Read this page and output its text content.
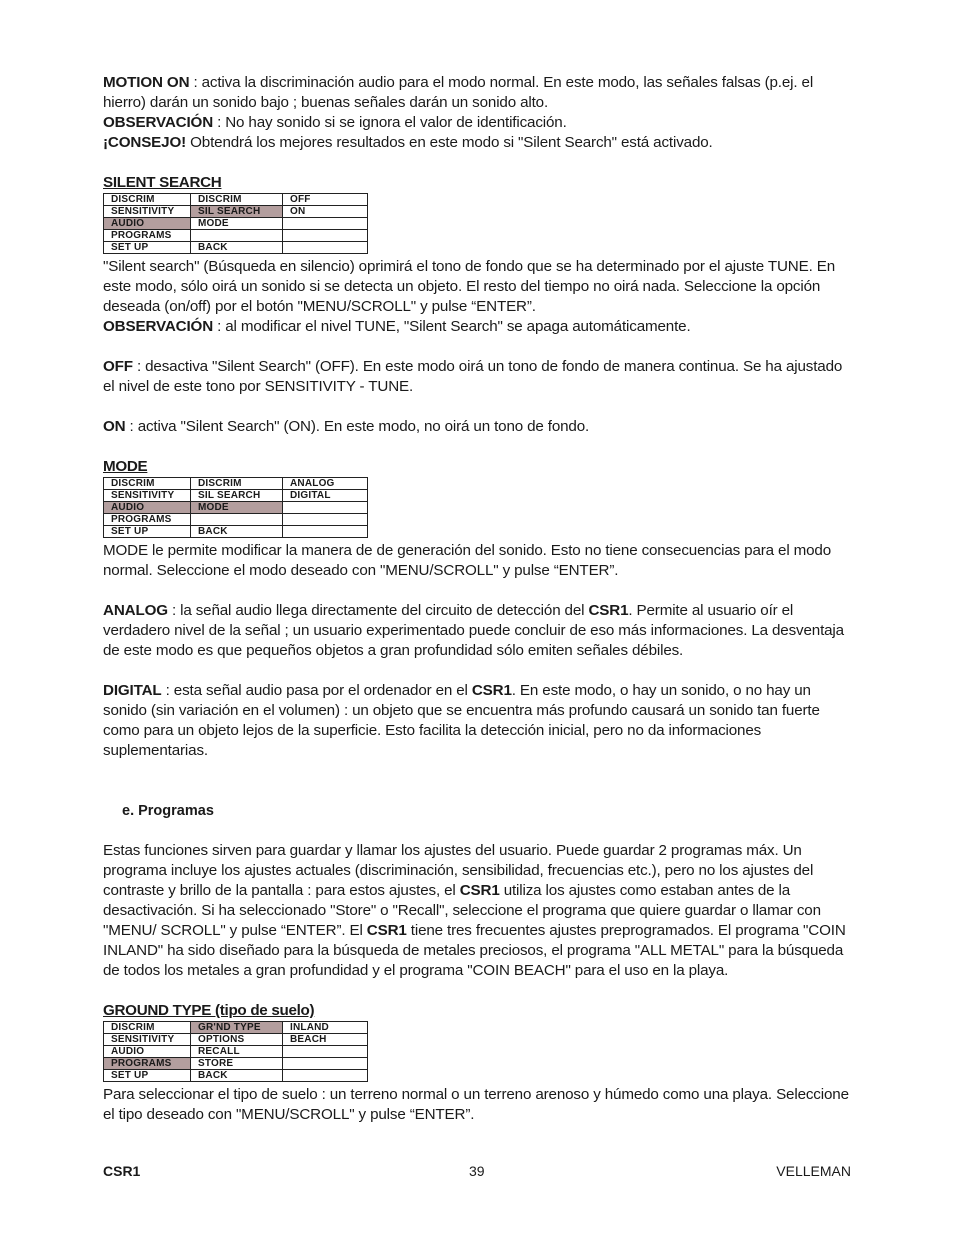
MOTION ON : activa la discriminación audio para el modo normal. En este modo, las señales falsas (p.ej. el hierro) darán un sonido bajo ; buenas señales darán un sonido alto.

OBSERVACIÓN : No hay sonido si se ignora el valor de identificación.

¡CONSEJO! Obtendrá los mejores resultados en este modo si "Silent Search" está activado.

SILENT SEARCH
DISCRIM	DISCRIM	OFF
SENSITIVITY	SIL SEARCH	ON
AUDIO	MODE	
PROGRAMS		
SET UP	BACK	

"Silent search" (Búsqueda en silencio) oprimirá el tono de fondo que se ha determinado por el ajuste TUNE. En este modo, sólo oirá un sonido si se detecta un objeto. El resto del tiempo no oirá nada. Seleccione la opción deseada (on/off) por el botón "MENU/SCROLL" y pulse “ENTER”.

OBSERVACIÓN : al modificar el nivel TUNE, "Silent Search" se apaga automáticamente.

OFF : desactiva "Silent Search" (OFF). En este modo oirá un tono de fondo de manera continua. Se ha ajustado el nivel de este tono por SENSITIVITY - TUNE.

ON : activa "Silent Search" (ON). En este modo, no oirá un tono de fondo.

MODE
DISCRIM	DISCRIM	ANALOG
SENSITIVITY	SIL SEARCH	DIGITAL
AUDIO	MODE	
PROGRAMS		
SET UP	BACK	

MODE le permite modificar la manera de de generación del sonido. Esto no tiene consecuencias para el modo normal. Seleccione el modo deseado con "MENU/SCROLL" y pulse “ENTER”.

ANALOG : la señal audio llega directamente del circuito de detección del CSR1. Permite al usuario oír el verdadero nivel de la señal ; un usuario experimentado puede concluir de eso más informaciones. La desventaja de este modo es que pequeños objetos a gran profundidad sólo emiten señales débiles.

DIGITAL : esta señal audio pasa por el ordenador en el CSR1. En este modo, o hay un sonido, o no hay un sonido (sin variación en el volumen) : un objeto que se encuentra más profundo causará un sonido tan fuerte como para un objeto lejos de la superficie. Esto facilita la detección inicial, pero no da informaciones suplementarias.

e. Programas

Estas funciones sirven para guardar y llamar los ajustes del usuario. Puede guardar 2 programas máx. Un programa incluye los ajustes actuales (discriminación, sensibilidad, frecuencias etc.), pero no los ajustes del contraste y brillo de la pantalla : para estos ajustes, el CSR1 utiliza los ajustes como estaban antes de la desactivación. Si ha seleccionado "Store" o "Recall", seleccione el programa que quiere guardar o llamar con "MENU/ SCROLL" y pulse “ENTER”. El CSR1 tiene tres frecuentes ajustes preprogramados. El programa "COIN INLAND" ha sido diseñado para la búsqueda de metales preciosos, el programa "ALL METAL" para la búsqueda de todos los metales a gran profundidad y el programa "COIN BEACH" para el uso en la playa.

GROUND TYPE (tipo de suelo)
DISCRIM	GR'ND TYPE	INLAND
SENSITIVITY	OPTIONS	BEACH
AUDIO	RECALL	
PROGRAMS	STORE	
SET UP	BACK	

Para seleccionar el tipo de suelo : un terreno normal o un terreno arenoso y húmedo como una playa. Seleccione el tipo deseado con "MENU/SCROLL" y pulse “ENTER”.

CSR1	39	VELLEMAN
